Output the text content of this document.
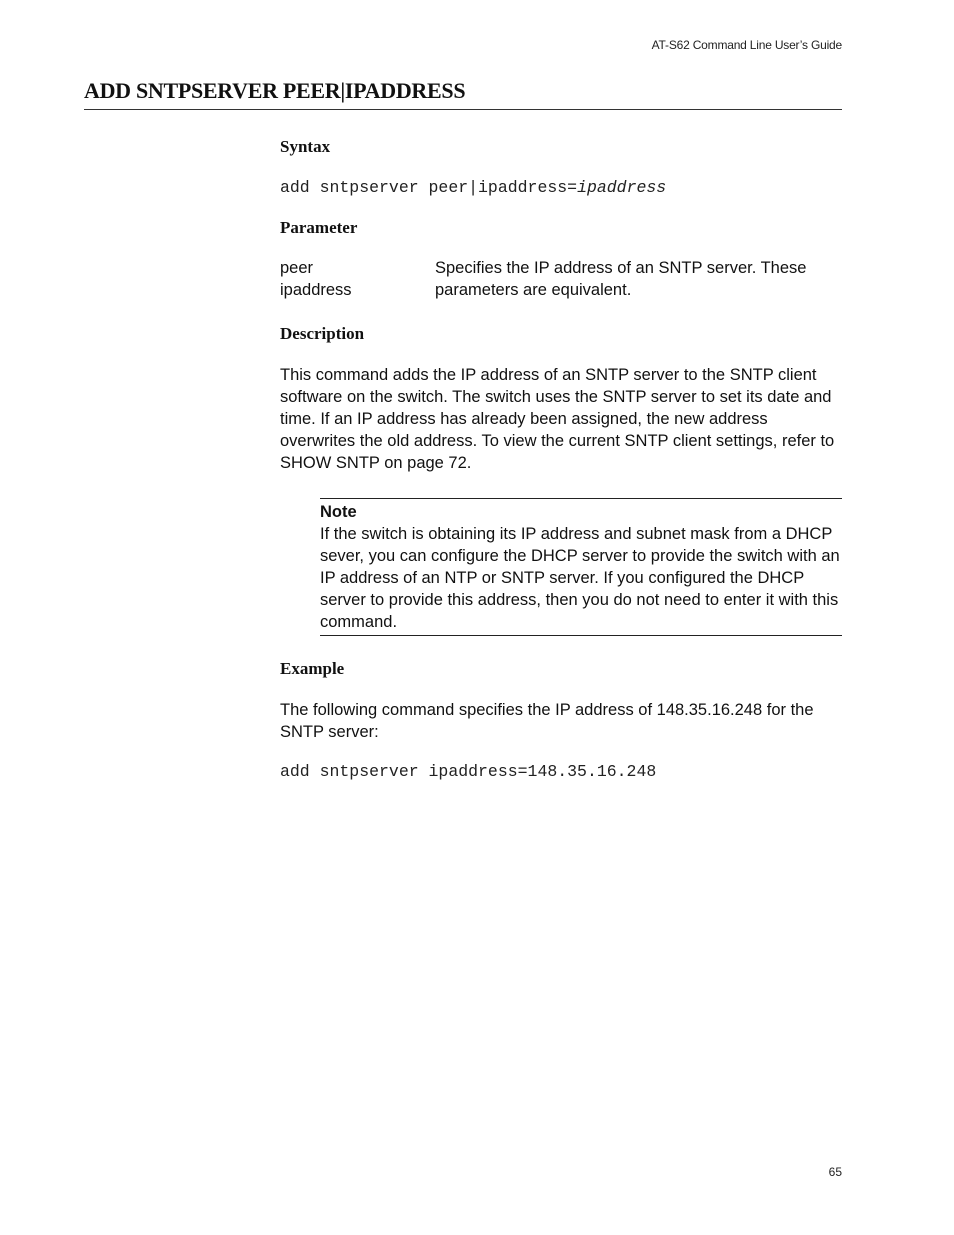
AT-S62 Command Line User’s Guide
ADD SNTPSERVER PEER|IPADDRESS
Syntax
add sntpserver peer|ipaddress=ipaddress
Parameter
peer
ipaddress
Specifies the IP address of an SNTP server. These parameters are equivalent.
Description

This command adds the IP address of an SNTP server to the SNTP client software on the switch. The switch uses the SNTP server to set its date and time. If an IP address has already been assigned, the new address overwrites the old address. To view the current SNTP client settings, refer to SHOW SNTP on page 72.

Note

If the switch is obtaining its IP address and subnet mask from a DHCP sever, you can configure the DHCP server to provide the switch with an IP address of an NTP or SNTP server. If you configured the DHCP server to provide this address, then you do not need to enter it with this command.

Example

The following command specifies the IP address of 148.35.16.248 for the SNTP server:

add sntpserver ipaddress=148.35.16.248
65
